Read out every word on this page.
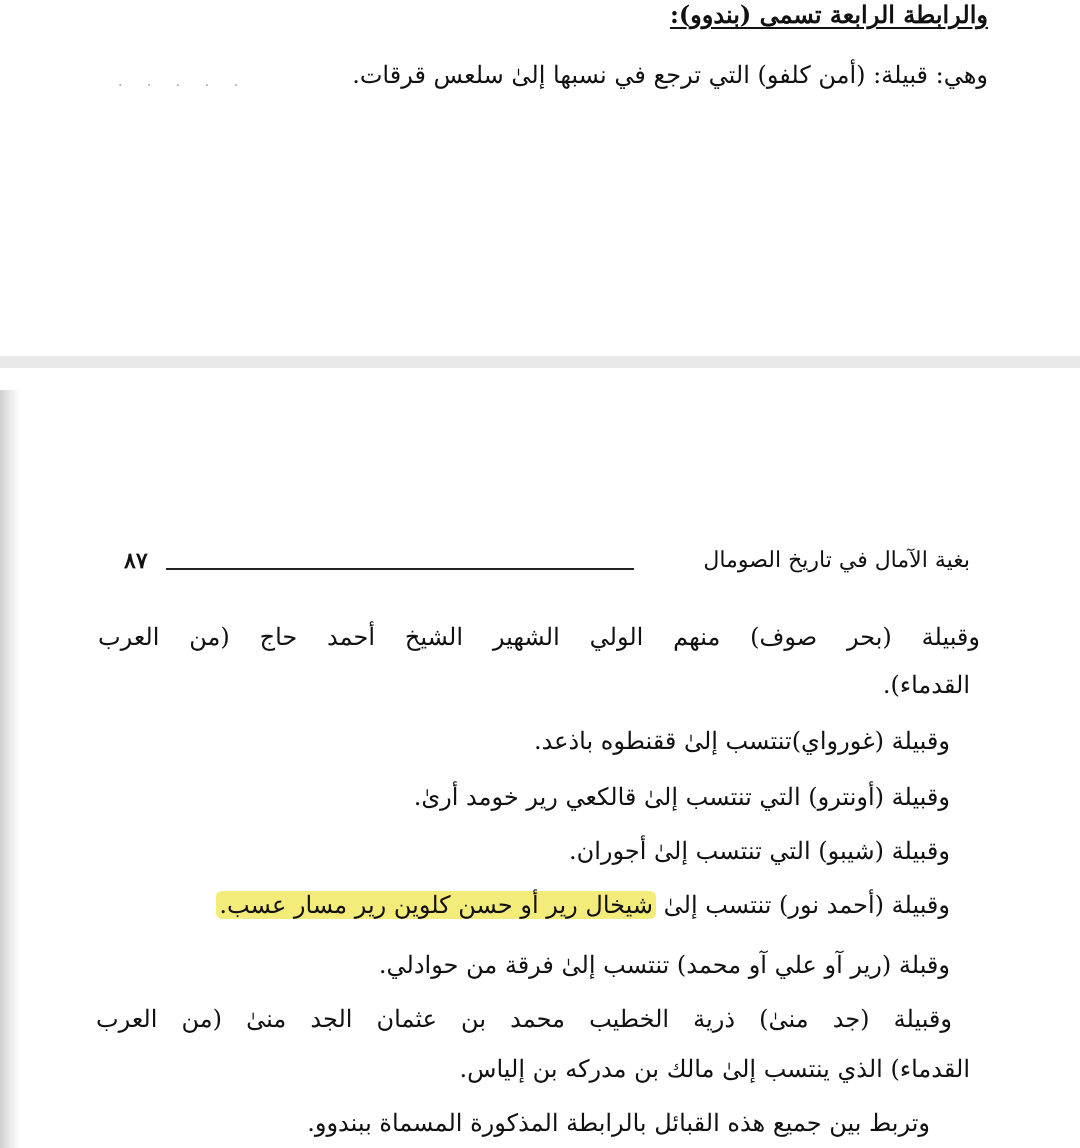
والرابطة الرابعة تسمى (بندوو):
وهي: قبيلة: (أمن كلفو) التي ترجع في نسبها إلىٰ سلعس قرقات.
· · · · ·
بغية الآمال في تاريخ الصومال
٨٧
وقبيلة (بحر صوف) منهم الولي الشهير الشيخ أحمد حاج (من العرب
القدماء).
وقبيلة (غورواي)تنتسب إلىٰ ققنطوه باذعد.
وقبيلة (أونترو) التي تنتسب إلىٰ قالكعي رير خومد أرىٰ.
وقبيلة (شيبو) التي تنتسب إلىٰ أجوران.
وقبيلة (أحمد نور) تنتسب إلىٰ شيخال رير أو حسن كلوين رير مسار عسب.
وقبلة (رير آو علي آو محمد) تنتسب إلىٰ فرقة من حوادلي.
وقبيلة (جد منىٰ) ذرية الخطيب محمد بن عثمان الجد منىٰ (من العرب
القدماء) الذي ينتسب إلىٰ مالك بن مدركه بن إلياس.
وتربط بين جميع هذه القبائل بالرابطة المذكورة المسماة ببندوو.
